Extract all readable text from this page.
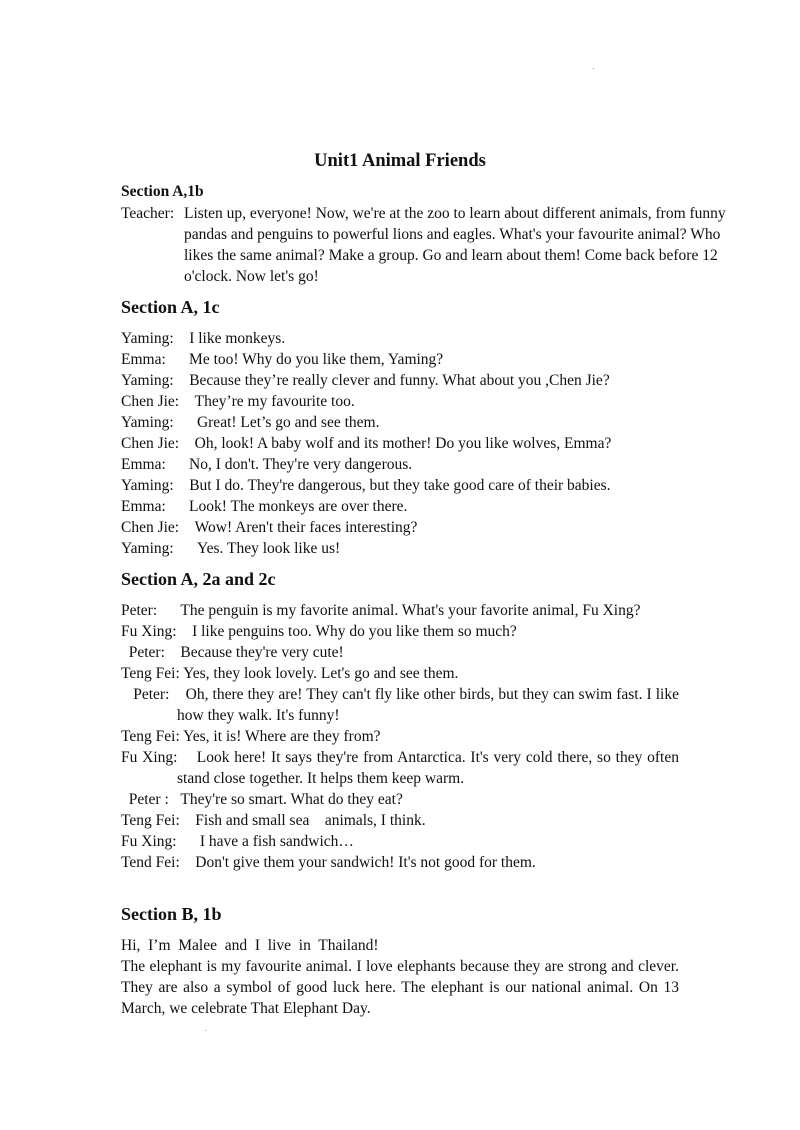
Unit1 Animal Friends
Section A,1b
Teacher: Listen up, everyone! Now, we're at the zoo to learn about different animals, from funny pandas and penguins to powerful lions and eagles. What's your favourite animal? Who likes the same animal? Make a group. Go and learn about them! Come back before 12 o'clock. Now let's go!
Section A, 1c
Yaming: I like monkeys.
Emma: Me too! Why do you like them, Yaming?
Yaming: Because they’re really clever and funny. What about you ,Chen Jie?
Chen Jie: They’re my favourite too.
Yaming: Great! Let’s go and see them.
Chen Jie: Oh, look! A baby wolf and its mother! Do you like wolves, Emma?
Emma: No, I don't. They're very dangerous.
Yaming: But I do. They're dangerous, but they take good care of their babies.
Emma: Look! The monkeys are over there.
Chen Jie: Wow! Aren't their faces interesting?
Yaming: Yes. They look like us!
Section A, 2a and 2c
Peter: The penguin is my favorite animal. What's your favorite animal, Fu Xing?
Fu Xing: I like penguins too. Why do you like them so much?
Peter: Because they're very cute!
Teng Fei: Yes, they look lovely. Let's go and see them.
Peter: Oh, there they are! They can't fly like other birds, but they can swim fast. I like how they walk. It's funny!
Teng Fei: Yes, it is! Where are they from?
Fu Xing: Look here! It says they're from Antarctica. It's very cold there, so they often stand close together. It helps them keep warm.
Peter : They're so smart. What do they eat?
Teng Fei: Fish and small sea    animals, I think.
Fu Xing: I have a fish sandwich…
Tend Fei: Don't give them your sandwich! It's not good for them.
Section B, 1b
Hi,  I’m  Malee  and  I  live  in  Thailand!
The elephant is my favourite animal. I love elephants because they are strong and clever. They are also a symbol of good luck here. The elephant is our national animal. On 13 March, we celebrate That Elephant Day.
